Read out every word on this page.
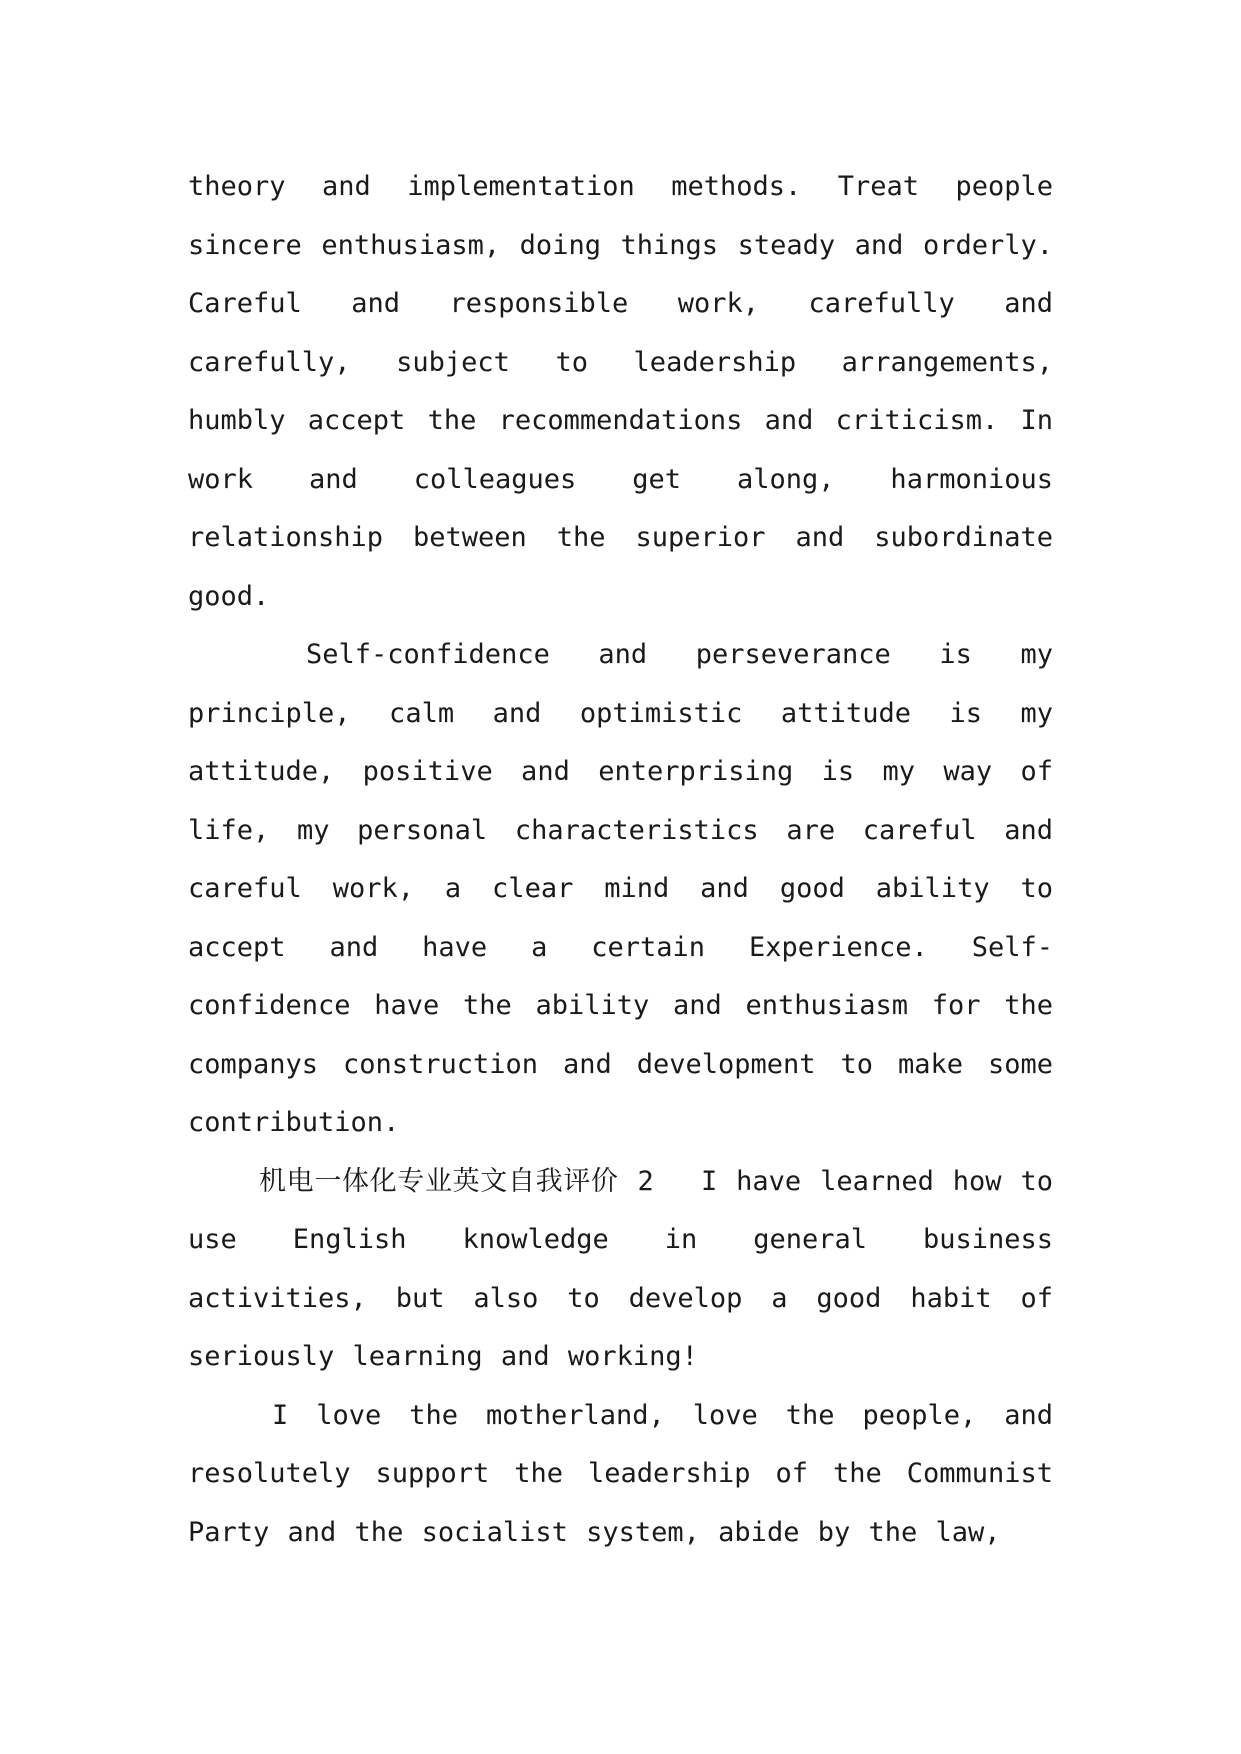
theory and implementation methods. Treat people sincere enthusiasm, doing things steady and orderly. Careful and responsible work, carefully and carefully, subject to leadership arrangements, humbly accept the recommendations and criticism. In work and colleagues get along, harmonious relationship between the superior and subordinate good.

Self-confidence and perseverance is my principle, calm and optimistic attitude is my attitude, positive and enterprising is my way of life, my personal characteristics are careful and careful work, a clear mind and good ability to accept and have a certain Experience. Self-confidence have the ability and enthusiasm for the companys construction and development to make some contribution.

机电一体化专业英文自我评价 2　 I have learned how to use English knowledge in general business activities, but also to develop a good habit of seriously learning and working!

I love the motherland, love the people, and resolutely support the leadership of the Communist Party and the socialist system, abide by the law,
